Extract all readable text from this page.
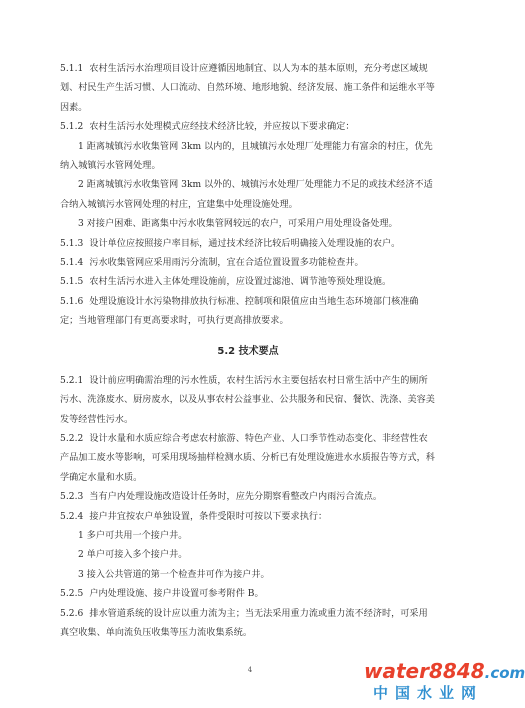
5.1.1 农村生活污水治理项目设计应遵循因地制宜、以人为本的基本原则，充分考虑区域规划、村民生产生活习惯、人口流动、自然环境、地形地貌、经济发展、施工条件和运维水平等因素。

5.1.2 农村生活污水处理模式应经技术经济比较，并应按以下要求确定：

1 距离城镇污水收集管网 3km 以内的，且城镇污水处理厂处理能力有富余的村庄，优先纳入城镇污水管网处理。

2 距离城镇污水收集管网 3km 以外的、城镇污水处理厂处理能力不足的或技术经济不适合纳入城镇污水管网处理的村庄，宜建集中处理设施处理。

3 对接户困难、距离集中污水收集管网较远的农户，可采用户用处理设备处理。

5.1.3 设计单位应按照接户率目标，通过技术经济比较后明确接入处理设施的农户。

5.1.4 污水收集管网应采用雨污分流制，宜在合适位置设置多功能检查井。

5.1.5 农村生活污水进入主体处理设施前，应设置过滤池、调节池等预处理设施。

5.1.6 处理设施设计水污染物排放执行标准、控制项和限值应由当地生态环境部门核准确定；当地管理部门有更高要求时，可执行更高排放要求。

5.2 技术要点

5.2.1 设计前应明确需治理的污水性质，农村生活污水主要包括农村日常生活中产生的厕所污水、洗涤废水、厨房废水，以及从事农村公益事业、公共服务和民宿、餐饮、洗涤、美容美发等经营性污水。

5.2.2 设计水量和水质应综合考虑农村旅游、特色产业、人口季节性动态变化、非经营性农产品加工废水等影响，可采用现场抽样检测水质、分析已有处理设施进水水质报告等方式，科学确定水量和水质。

5.2.3 当有户内处理设施改造设计任务时，应先分期察看整改户内雨污合流点。

5.2.4 接户井宜按农户单独设置，条件受限时可按以下要求执行：

1 多户可共用一个接户井。

2 单户可接入多个接户井。

3 接入公共管道的第一个检查井可作为接户井。

5.2.5 户内处理设施、接户井设置可参考附件 B。

5.2.6 排水管道系统的设计应以重力流为主；当无法采用重力流或重力流不经济时，可采用真空收集、单向流负压收集等压力流收集系统。

4	water8848.com
中国水业网
